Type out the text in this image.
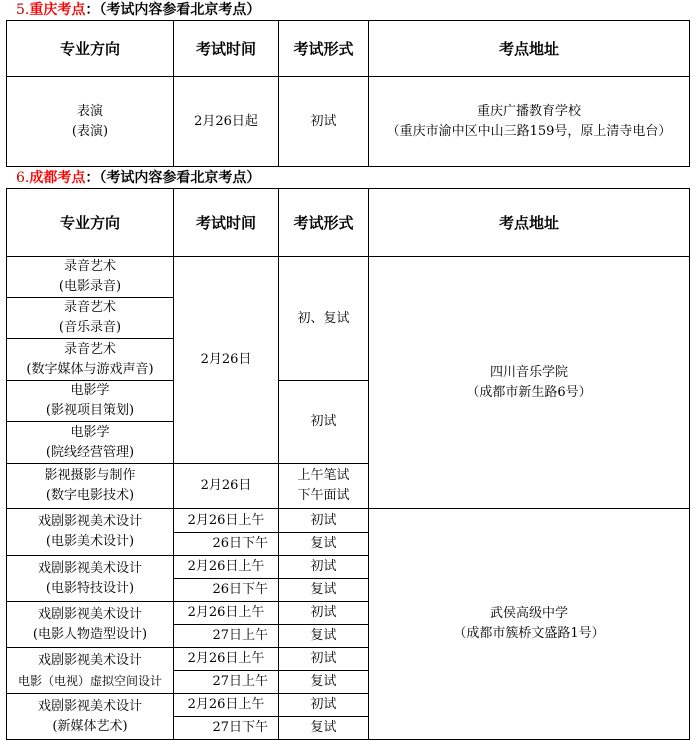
5.重庆考点：（考试内容参看北京考点）
专业方向	考试时间	考试形式	考点地址

表演
(表演)	2月26日起	初试	重庆广播教育学校
（重庆市渝中区中山三路159号，原上清寺电台）
6.成都考点：（考试内容参看北京考点）
专业方向	考试时间	考试形式	考点地址

录音艺术
(电影录音)	2月26日	初、复试	四川音乐学院
（成都市新生路6号）

录音艺术
(音乐录音)			

录音艺术
(数字媒体与游戏声音)			

电影学
(影视项目策划)		初试	

电影学
(院线经营管理)			

影视摄影与制作
(数字电影技术)	2月26日	上午笔试
下午面试	

戏剧影视美术设计
(电影美术设计)	2月26日上午	初试	武侯高级中学
（成都市簇桥文盛路1号）

	26日下午	复试	

戏剧影视美术设计
(电影特技设计)	2月26日上午	初试	
	26日下午	复试	

戏剧影视美术设计
(电影人物造型设计)	2月26日上午	初试	
	27日上午	复试	

戏剧影视美术设计
电影（电视）虚拟空间设计	2月26日上午	初试	
	27日上午	复试	

戏剧影视美术设计
(新媒体艺术)	2月26日上午	初试	
	27日下午	复试	
